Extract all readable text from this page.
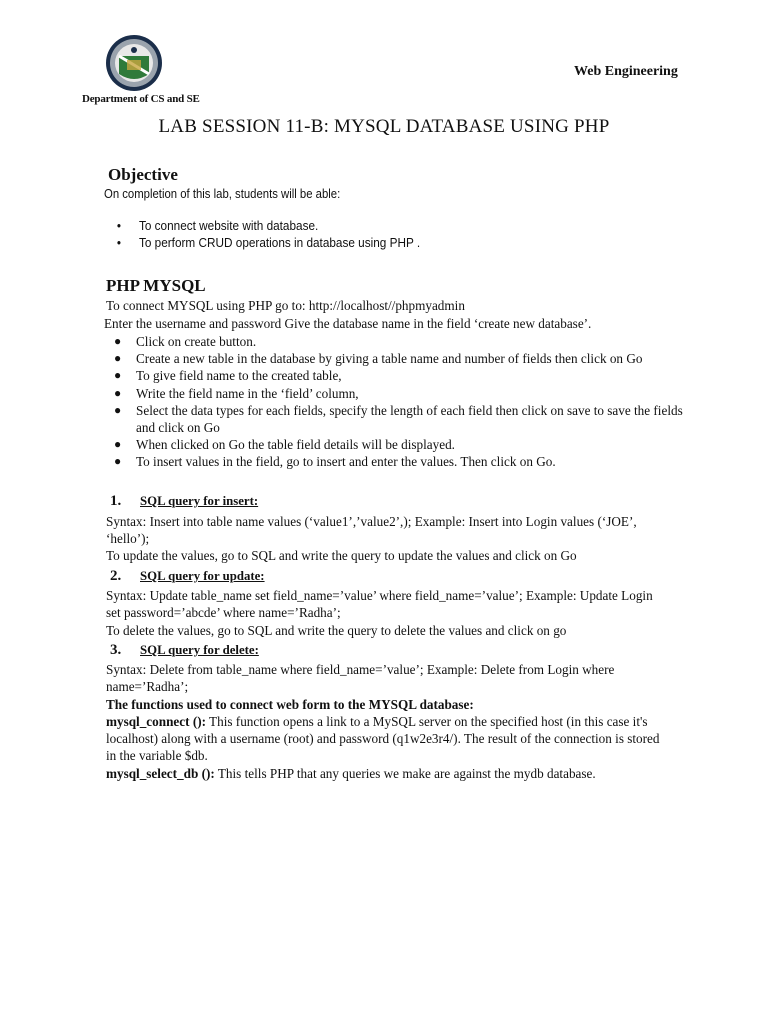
Department of CS and SE
Web Engineering
LAB SESSION 11-B: MYSQL DATABASE USING PHP
Objective
On completion of this lab, students will be able:
• To connect website with database.
• To perform CRUD operations in database using PHP .
PHP MYSQL
To connect MYSQL using PHP go to: http://localhost//phpmyadmin
Enter the username and password Give the database name in the field ‘create new database’.
● Click on create button.
● Create a new table in the database by giving a table name and number of fields then click on Go
● To give field name to the created table,
● Write the field name in the ‘field’ column,
● Select the data types for each fields, specify the length of each field then click on save to save the fields and click on Go
● When clicked on Go the table field details will be displayed.
● To insert values in the field, go to insert and enter the values. Then click on Go.
1. SQL query for insert:
Syntax: Insert into table name values (‘value1’,’value2’,); Example: Insert into Login values (‘JOE’, ‘hello’);
To update the values, go to SQL and write the query to update the values and click on Go
2. SQL query for update:
Syntax: Update table_name set field_name=’value’ where field_name=’value’; Example: Update Login set password=’abcde’ where name=’Radha’;
To delete the values, go to SQL and write the query to delete the values and click on go
3. SQL query for delete:
Syntax: Delete from table_name where field_name=’value’; Example: Delete from Login where name=’Radha’;
The functions used to connect web form to the MYSQL database:
mysql_connect (): This function opens a link to a MySQL server on the specified host (in this case it's localhost) along with a username (root) and password (q1w2e3r4/). The result of the connection is stored in the variable $db.
mysql_select_db (): This tells PHP that any queries we make are against the mydb database.
